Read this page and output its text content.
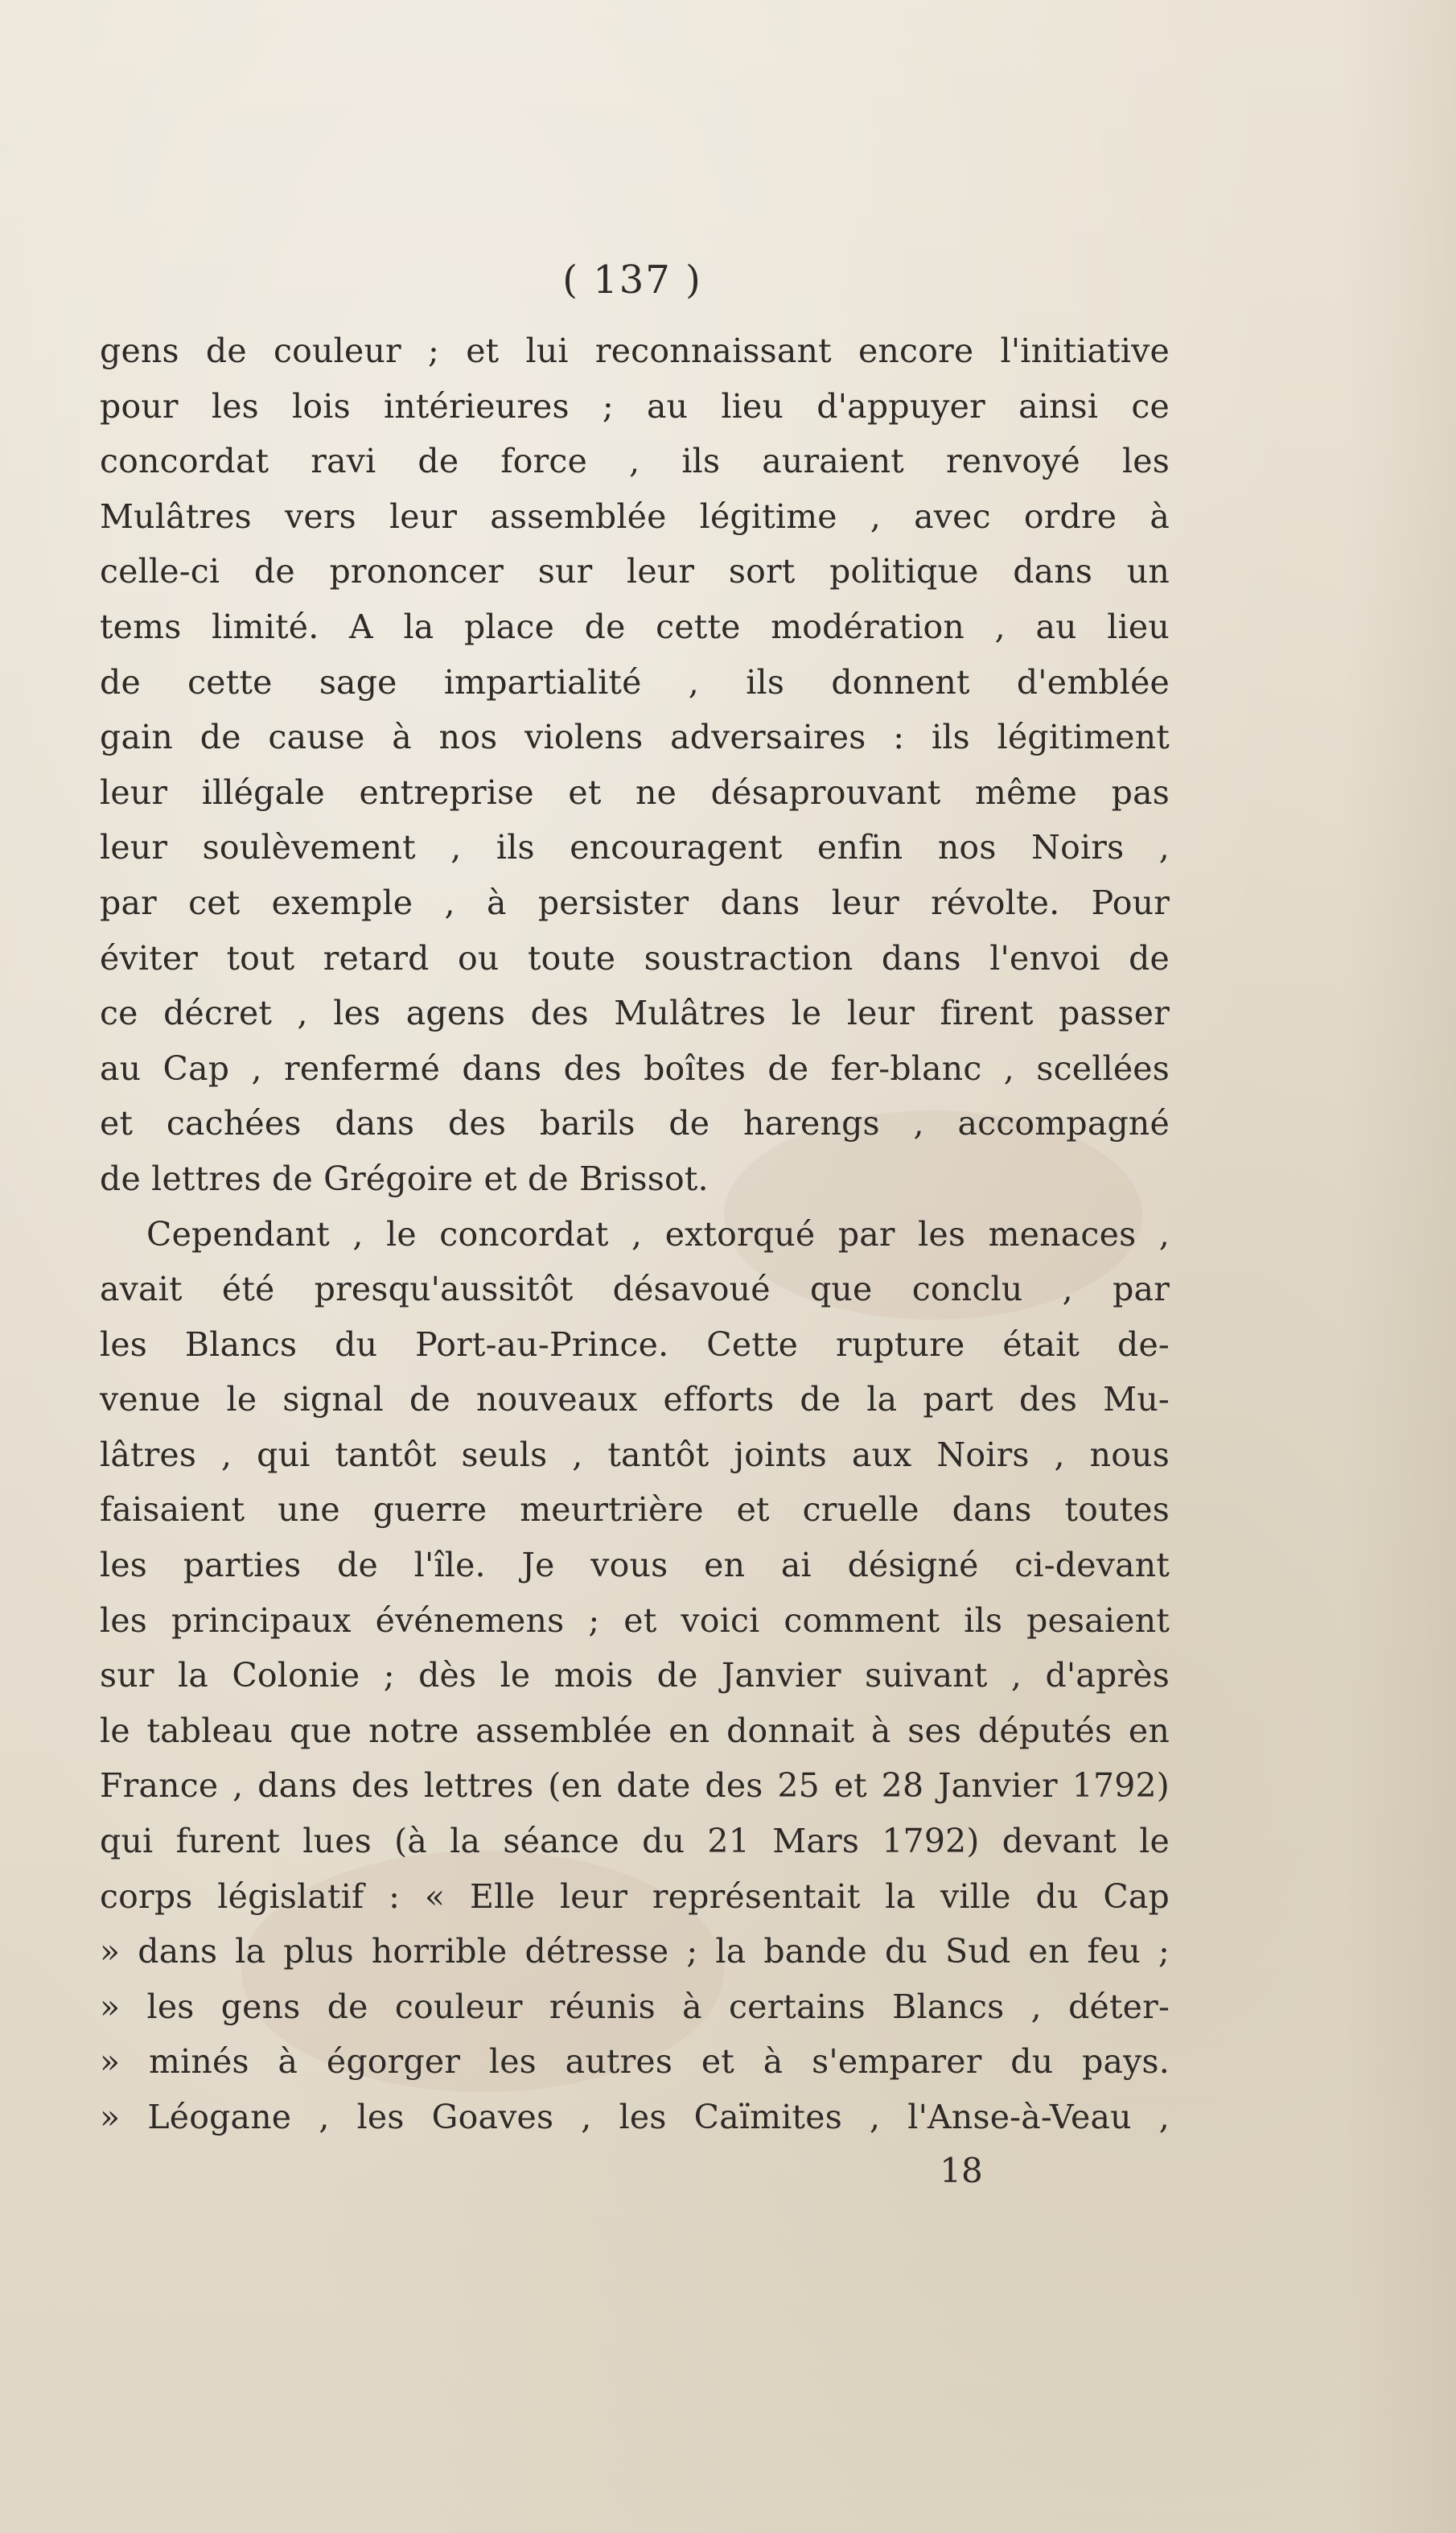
( 137 )
gens de couleur ; et lui reconnaissant encore l'initiative
pour les lois intérieures ; au lieu d'appuyer ainsi ce
concordat ravi de force , ils auraient renvoyé les
Mulâtres vers leur assemblée légitime , avec ordre à
celle-ci de prononcer sur leur sort politique dans un
tems limité. A la place de cette modération , au lieu
de cette sage impartialité , ils donnent d'emblée
gain de cause à nos violens adversaires : ils légitiment
leur illégale entreprise et ne désaprouvant même pas
leur soulèvement , ils encouragent enfin nos Noirs ,
par cet exemple , à persister dans leur révolte. Pour
éviter tout retard ou toute soustraction dans l'envoi de
ce décret , les agens des Mulâtres le leur firent passer
au Cap , renfermé dans des boîtes de fer-blanc , scellées
et cachées dans des barils de harengs , accompagné
de lettres de Grégoire et de Brissot.
Cependant , le concordat , extorqué par les menaces ,
avait été presqu'aussitôt désavoué que conclu , par
les Blancs du Port-au-Prince. Cette rupture était de-
venue le signal de nouveaux efforts de la part des Mu-
lâtres , qui tantôt seuls , tantôt joints aux Noirs , nous
faisaient une guerre meurtrière et cruelle dans toutes
les parties de l'île. Je vous en ai désigné ci-devant
les principaux événemens ; et voici comment ils pesaient
sur la Colonie ; dès le mois de Janvier suivant , d'après
le tableau que notre assemblée en donnait à ses députés en
France , dans des lettres (en date des 25 et 28 Janvier 1792)
qui furent lues (à la séance du 21 Mars 1792) devant le
corps législatif : « Elle leur représentait la ville du Cap
» dans la plus horrible détresse ; la bande du Sud en feu ;
» les gens de couleur réunis à certains Blancs , déter-
» minés à égorger les autres et à s'emparer du pays.
» Léogane , les Goaves , les Caïmites , l'Anse-à-Veau ,
18
